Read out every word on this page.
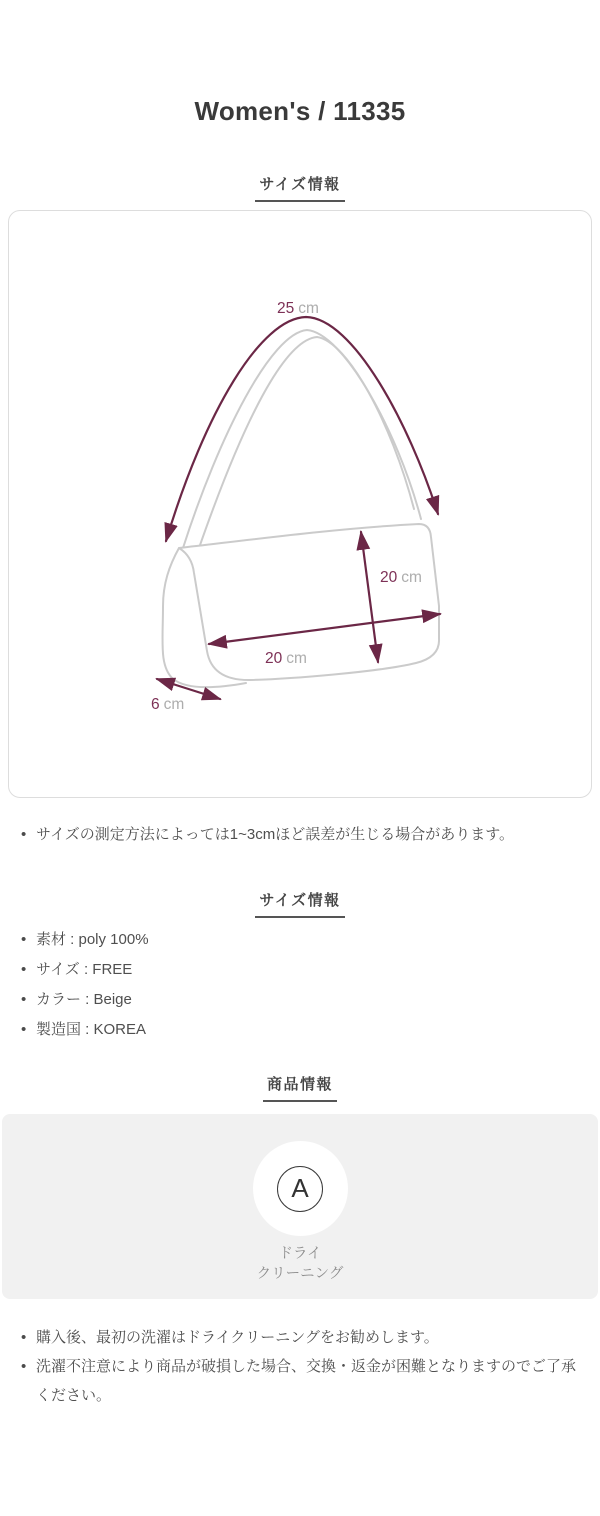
Women's / 11335
サイズ情報
25 cm
20 cm
20 cm
6 cm
• サイズの測定方法によっては1~3cmほど誤差が生じる場合があります。
サイズ情報
• 素材 : poly 100%
• サイズ : FREE
• カラー : Beige
• 製造国 : KOREA
商品情報
A
ドライ
クリーニング
• 購入後、最初の洗濯はドライクリーニングをお勧めします。
• 洗濯不注意により商品が破損した場合、交換・返金が困難となりますのでご了承ください。
